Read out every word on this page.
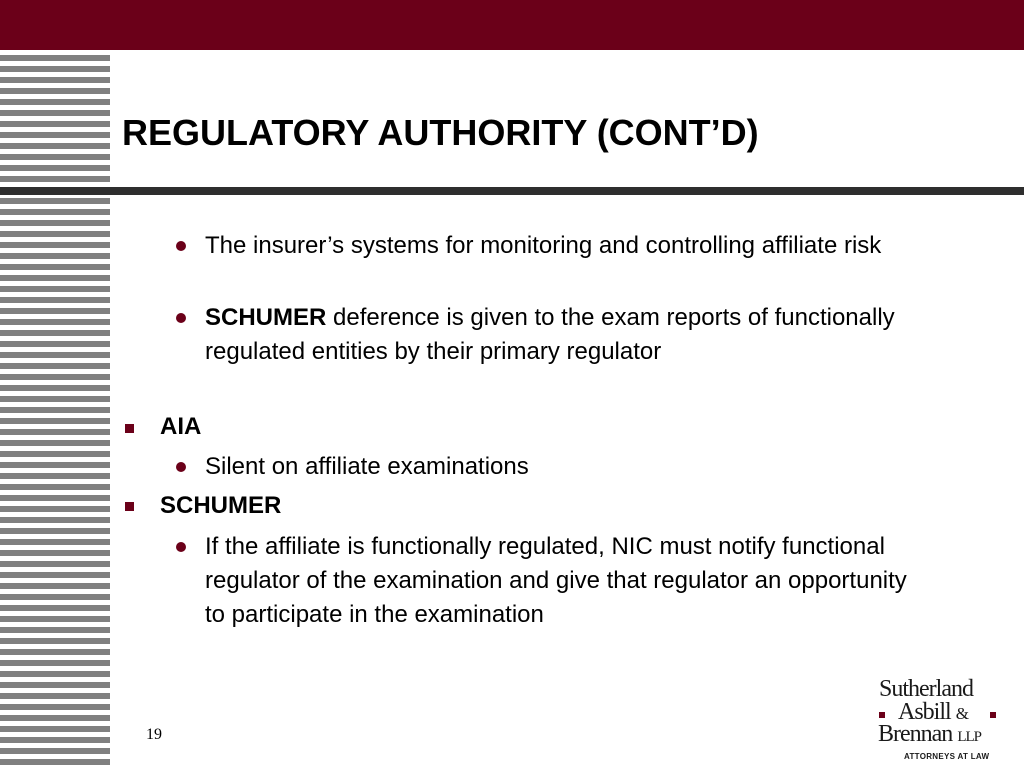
REGULATORY AUTHORITY (CONT’D)
The insurer’s systems for monitoring and controlling affiliate risk
SCHUMER deference is given to the exam reports of functionally regulated entities by their primary regulator
AIA
Silent on affiliate examinations
SCHUMER
If the affiliate is functionally regulated, NIC must notify functional regulator of the examination and give that regulator an opportunity to participate in the examination
19
Sutherland
Asbill &
Brennan LLP
ATTORNEYS AT LAW
